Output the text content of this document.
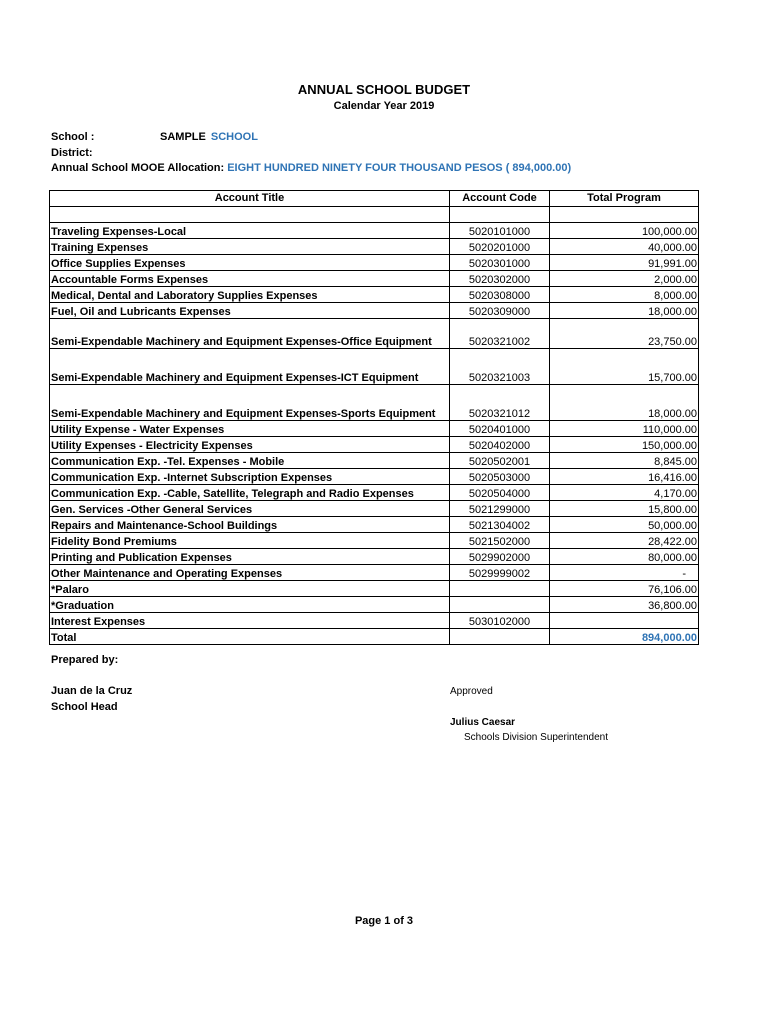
ANNUAL SCHOOL BUDGET
Calendar Year 2019
School :	SAMPLE SCHOOL
District:
Annual School MOOE Allocation: EIGHT HUNDRED NINETY FOUR THOUSAND PESOS ( 894,000.00)
Account Title	Account Code	Total Program

Traveling Expenses-Local	5020101000	100,000.00
Training Expenses	5020201000	40,000.00
Office Supplies Expenses	5020301000	91,991.00
Accountable Forms Expenses	5020302000	2,000.00
Medical, Dental and Laboratory Supplies Expenses	5020308000	8,000.00
Fuel, Oil and Lubricants Expenses	5020309000	18,000.00
Semi-Expendable Machinery and Equipment Expenses-Office Equipment	5020321002	23,750.00
Semi-Expendable Machinery and Equipment Expenses-ICT Equipment	5020321003	15,700.00
Semi-Expendable Machinery and Equipment Expenses-Sports Equipment	5020321012	18,000.00
Utility Expense - Water Expenses	5020401000	110,000.00
Utility Expenses - Electricity Expenses	5020402000	150,000.00
Communication Exp. -Tel. Expenses - Mobile	5020502001	8,845.00
Communication Exp. -Internet Subscription Expenses	5020503000	16,416.00
Communication Exp. -Cable, Satellite, Telegraph and Radio Expenses	5020504000	4,170.00
Gen. Services -Other General Services	5021299000	15,800.00
Repairs and Maintenance-School Buildings	5021304002	50,000.00
Fidelity Bond Premiums	5021502000	28,422.00
Printing and Publication Expenses	5029902000	80,000.00
Other Maintenance and Operating Expenses	5029999002	-
*Palaro		76,106.00
*Graduation		36,800.00
Interest Expenses	5030102000	
Total		894,000.00
Prepared by:
Juan de la Cruz
School Head
Approved
Julius Caesar
Schools Division Superintendent
Page 1 of 3
